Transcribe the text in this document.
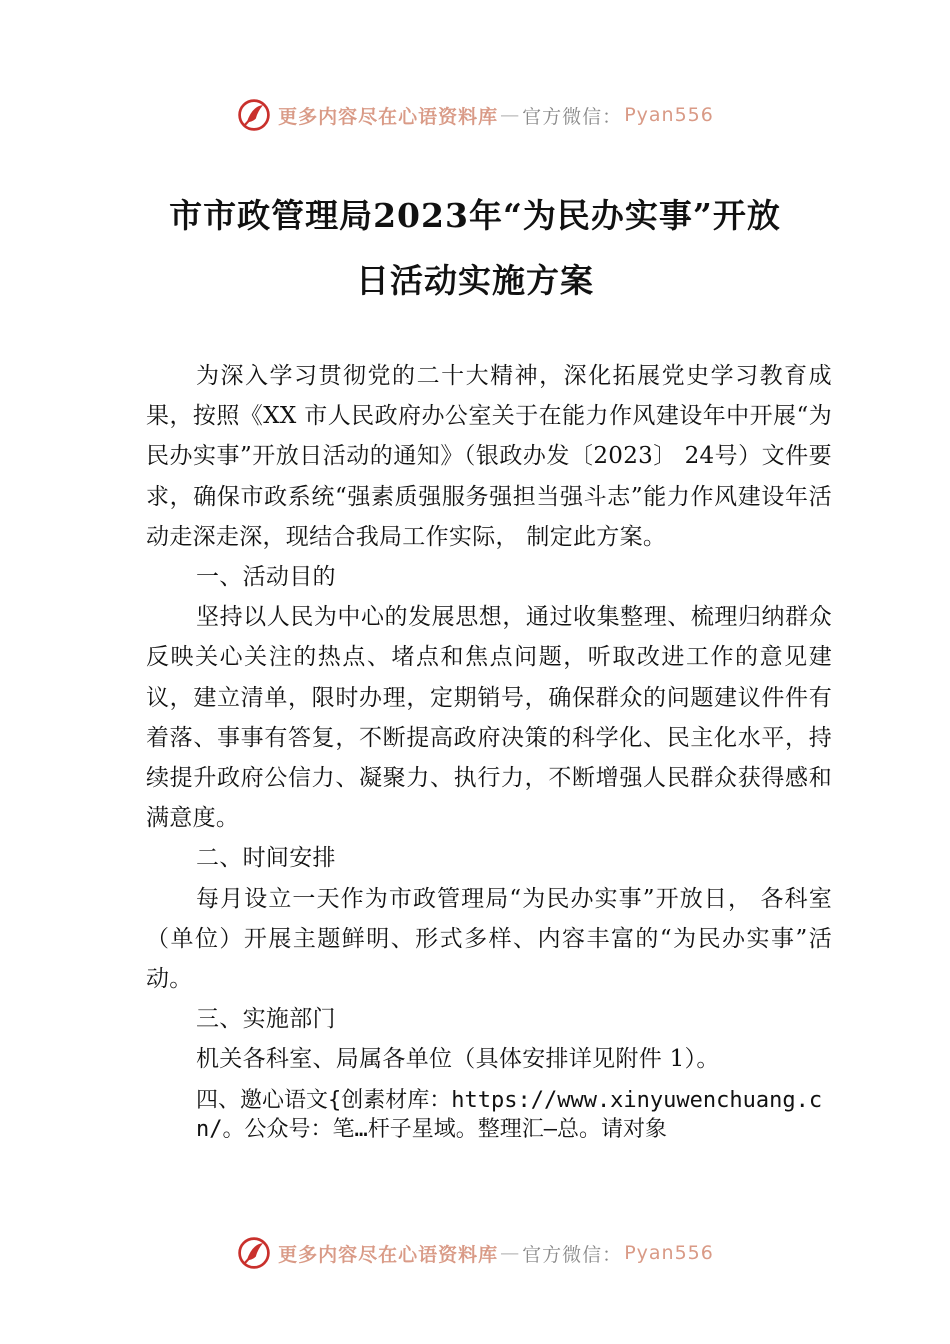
更多内容尽在心语资料库 — 官方微信： Pyan556
市市政管理局2023年“为民办实事”开放
日活动实施方案

为深入学习贯彻党的二十大精神，深化拓展党史学习教育成果，按照《XX 市人民政府办公室关于在能力作风建设年中开展“为民办实事”开放日活动的通知》（银政办发〔2023〕 24号）文件要求，确保市政系统“强素质强服务强担当强斗志”能力作风建设年活动走深走深，现结合我局工作实际， 制定此方案。

一、活动目的

坚持以人民为中心的发展思想，通过收集整理、梳理归纳群众反映关心关注的热点、堵点和焦点问题，听取改进工作的意见建议，建立清单，限时办理，定期销号，确保群众的问题建议件件有着落、事事有答复，不断提高政府决策的科学化、民主化水平，持续提升政府公信力、凝聚力、执行力，不断增强人民群众获得感和满意度。

二、时间安排

每月设立一天作为市政管理局“为民办实事”开放日， 各科室（单位）开展主题鲜明、形式多样、内容丰富的“为民办实事”活动。

三、实施部门

机关各科室、局属各单位（具体安排详见附件 1）。

四、邀心语文{创素材库：https://www.xinyuwenchuang.cn/。公众号：笔…杆子星域。整理汇—总。请对象

更多内容尽在心语资料库 — 官方微信： Pyan556
